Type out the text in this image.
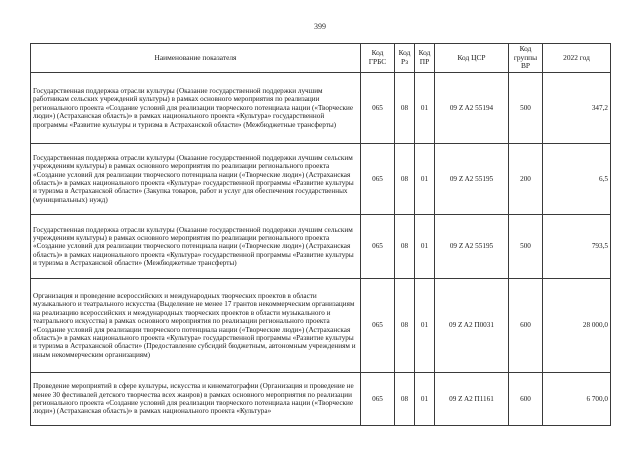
399
Наименование показателя	Код ГРБС	Код Рз	Код ПР	Код ЦСР	Код группы ВР	2022 год
Государственная поддержка отрасли культуры (Оказание государственной поддержки лучшим работникам сельских учреждений культуры) в рамках основного мероприятия по реализации регионального проекта «Создание условий для реализации творческого потенциала нации («Творческие люди») (Астраханская область)» в рамках национального проекта «Культура» государственной программы «Развитие культуры и туризма в Астраханской области» (Межбюджетные трансферты)	065	08	01	09 Z A2 55194	500	347,2
Государственная поддержка отрасли культуры (Оказание государственной поддержки лучшим сельским учреждениям культуры) в рамках основного мероприятия по реализации регионального проекта «Создание условий для реализации творческого потенциала нации («Творческие люди») (Астраханская область)» в рамках национального проекта «Культура» государственной программы «Развитие культуры и туризма в Астраханской области» (Закупка товаров, работ и услуг для обеспечения государственных (муниципальных) нужд)	065	08	01	09 Z A2 55195	200	6,5
Государственная поддержка отрасли культуры (Оказание государственной поддержки лучшим сельским учреждениям культуры) в рамках основного мероприятия по реализации регионального проекта «Создание условий для реализации творческого потенциала нации («Творческие люди») (Астраханская область)» в рамках национального проекта «Культура» государственной программы «Развитие культуры и туризма в Астраханской области» (Межбюджетные трансферты)	065	08	01	09 Z A2 55195	500	793,5
Организация и проведение всероссийских и международных творческих проектов в области музыкального и театрального искусства (Выделение не менее 17 грантов некоммерческим организациям на реализацию всероссийских и международных творческих проектов в области музыкального и театрального искусства) в рамках основного мероприятия по реализации регионального проекта «Создание условий для реализации творческого потенциала нации («Творческие люди») (Астраханская область)» в рамках национального проекта «Культура» государственной программы «Развитие культуры и туризма в Астраханской области» (Предоставление субсидий бюджетным, автономным учреждениям и иным некоммерческим организациям)	065	08	01	09 Z A2 П0031	600	28 000,0
Проведение мероприятий в сфере культуры, искусства и кинематографии (Организация и проведение не менее 30 фестивалей детского творчества всех жанров) в рамках основного мероприятия по реализации регионального проекта «Создание условий для реализации творческого потенциала нации («Творческие люди») (Астраханская область)» в рамках национального проекта «Культура»	065	08	01	09 Z A2 П1161	600	6 700,0
